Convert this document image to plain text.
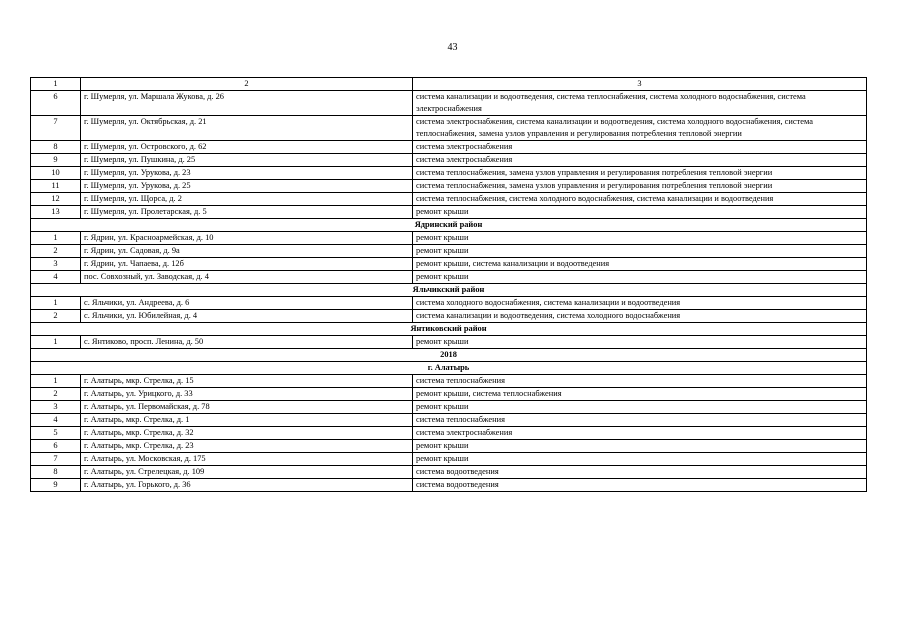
43
1	2	3
6	г. Шумерля, ул. Маршала Жукова, д. 26	система канализации и водоотведения, система теплоснабжения, система холодного водоснабжения, система электроснабжения
7	г. Шумерля, ул. Октябрьская, д. 21	система электроснабжения, система канализации и водоотведения, система холодного водоснабжения, система теплоснабжения, замена узлов управления и регулирования потребления тепловой энергии
8	г. Шумерля, ул. Островского, д. 62	система электроснабжения
9	г. Шумерля, ул. Пушкина, д. 25	система электроснабжения
10	г. Шумерля, ул. Урукова, д. 23	система теплоснабжения, замена узлов управления и регулирования потребления тепловой энергии
11	г. Шумерля, ул. Урукова, д. 25	система теплоснабжения, замена узлов управления и регулирования потребления тепловой энергии
12	г. Шумерля, ул. Щорса, д. 2	система теплоснабжения, система холодного водоснабжения, система канализации и водоотведения
13	г. Шумерля, ул. Пролетарская, д. 5	ремонт крыши
Ядринский район		
1	г. Ядрин, ул. Красноармейская, д. 10	ремонт крыши
2	г. Ядрин, ул. Садовая, д. 9а	ремонт крыши
3	г. Ядрин, ул. Чапаева, д. 12б	ремонт крыши, система канализации и водоотведения
4	пос. Совхозный, ул. Заводская, д. 4	ремонт крыши
Яльчикский район		
1	с. Яльчики, ул. Андреева, д. 6	система холодного водоснабжения, система канализации и водоотведения
2	с. Яльчики, ул. Юбилейная, д. 4	система канализации и водоотведения, система холодного водоснабжения
Янтиковский район		
1	с. Янтиково, просп. Ленина, д. 50	ремонт крыши
2018		
г. Алатырь		
1	г. Алатырь, мкр. Стрелка, д. 15	система теплоснабжения
2	г. Алатырь, ул. Урицкого, д. 33	ремонт крыши, система теплоснабжения
3	г. Алатырь, ул. Первомайская, д. 78	ремонт крыши
4	г. Алатырь, мкр. Стрелка, д. 1	система теплоснабжения
5	г. Алатырь, мкр. Стрелка, д. 32	система электроснабжения
6	г. Алатырь, мкр. Стрелка, д. 23	ремонт крыши
7	г. Алатырь, ул. Московская, д. 175	ремонт крыши
8	г. Алатырь, ул. Стрелецкая, д. 109	система водоотведения
9	г. Алатырь, ул. Горького, д. 36	система водоотведения
